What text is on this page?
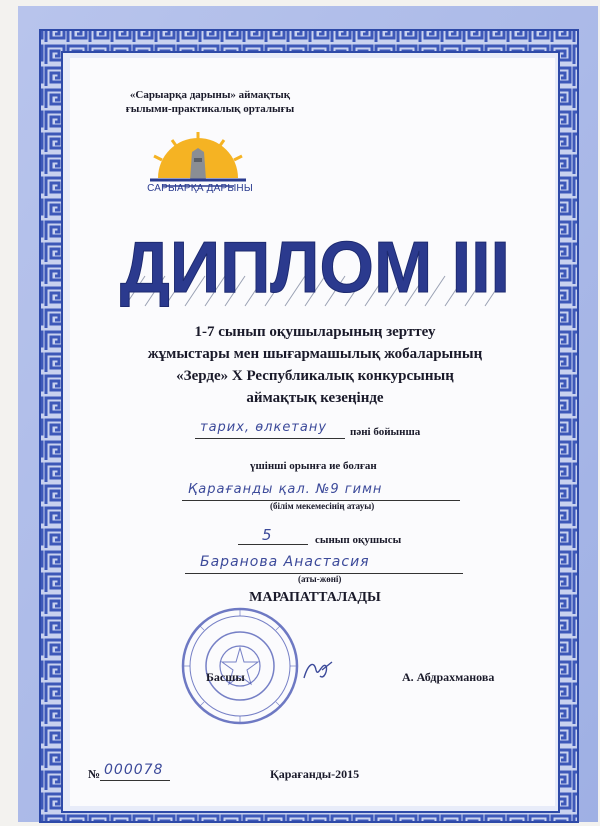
«Сарыарқа дарыны» аймақтық
ғылыми-практикалық орталығы
САРЫАРҚА ДАРЫНЫ
ДИПЛОМ III
1-7 сынып оқушыларының зерттеу
жұмыстары мен шығармашылық жобаларының
«Зерде» Х Республикалық конкурсының
аймақтық кезеңінде
тарих, өлкетану пәні бойынша
үшінші орынға ие болған
Қарағанды қал. №9 гимн
(білім мекемесінің атауы)
5	сынып оқушысы
Баранова Анастасия
(аты-жөні)
МАРАПАТТАЛАДЫ
Басшы	А. Абдрахманова
№ 000078	Қарағанды-2015
